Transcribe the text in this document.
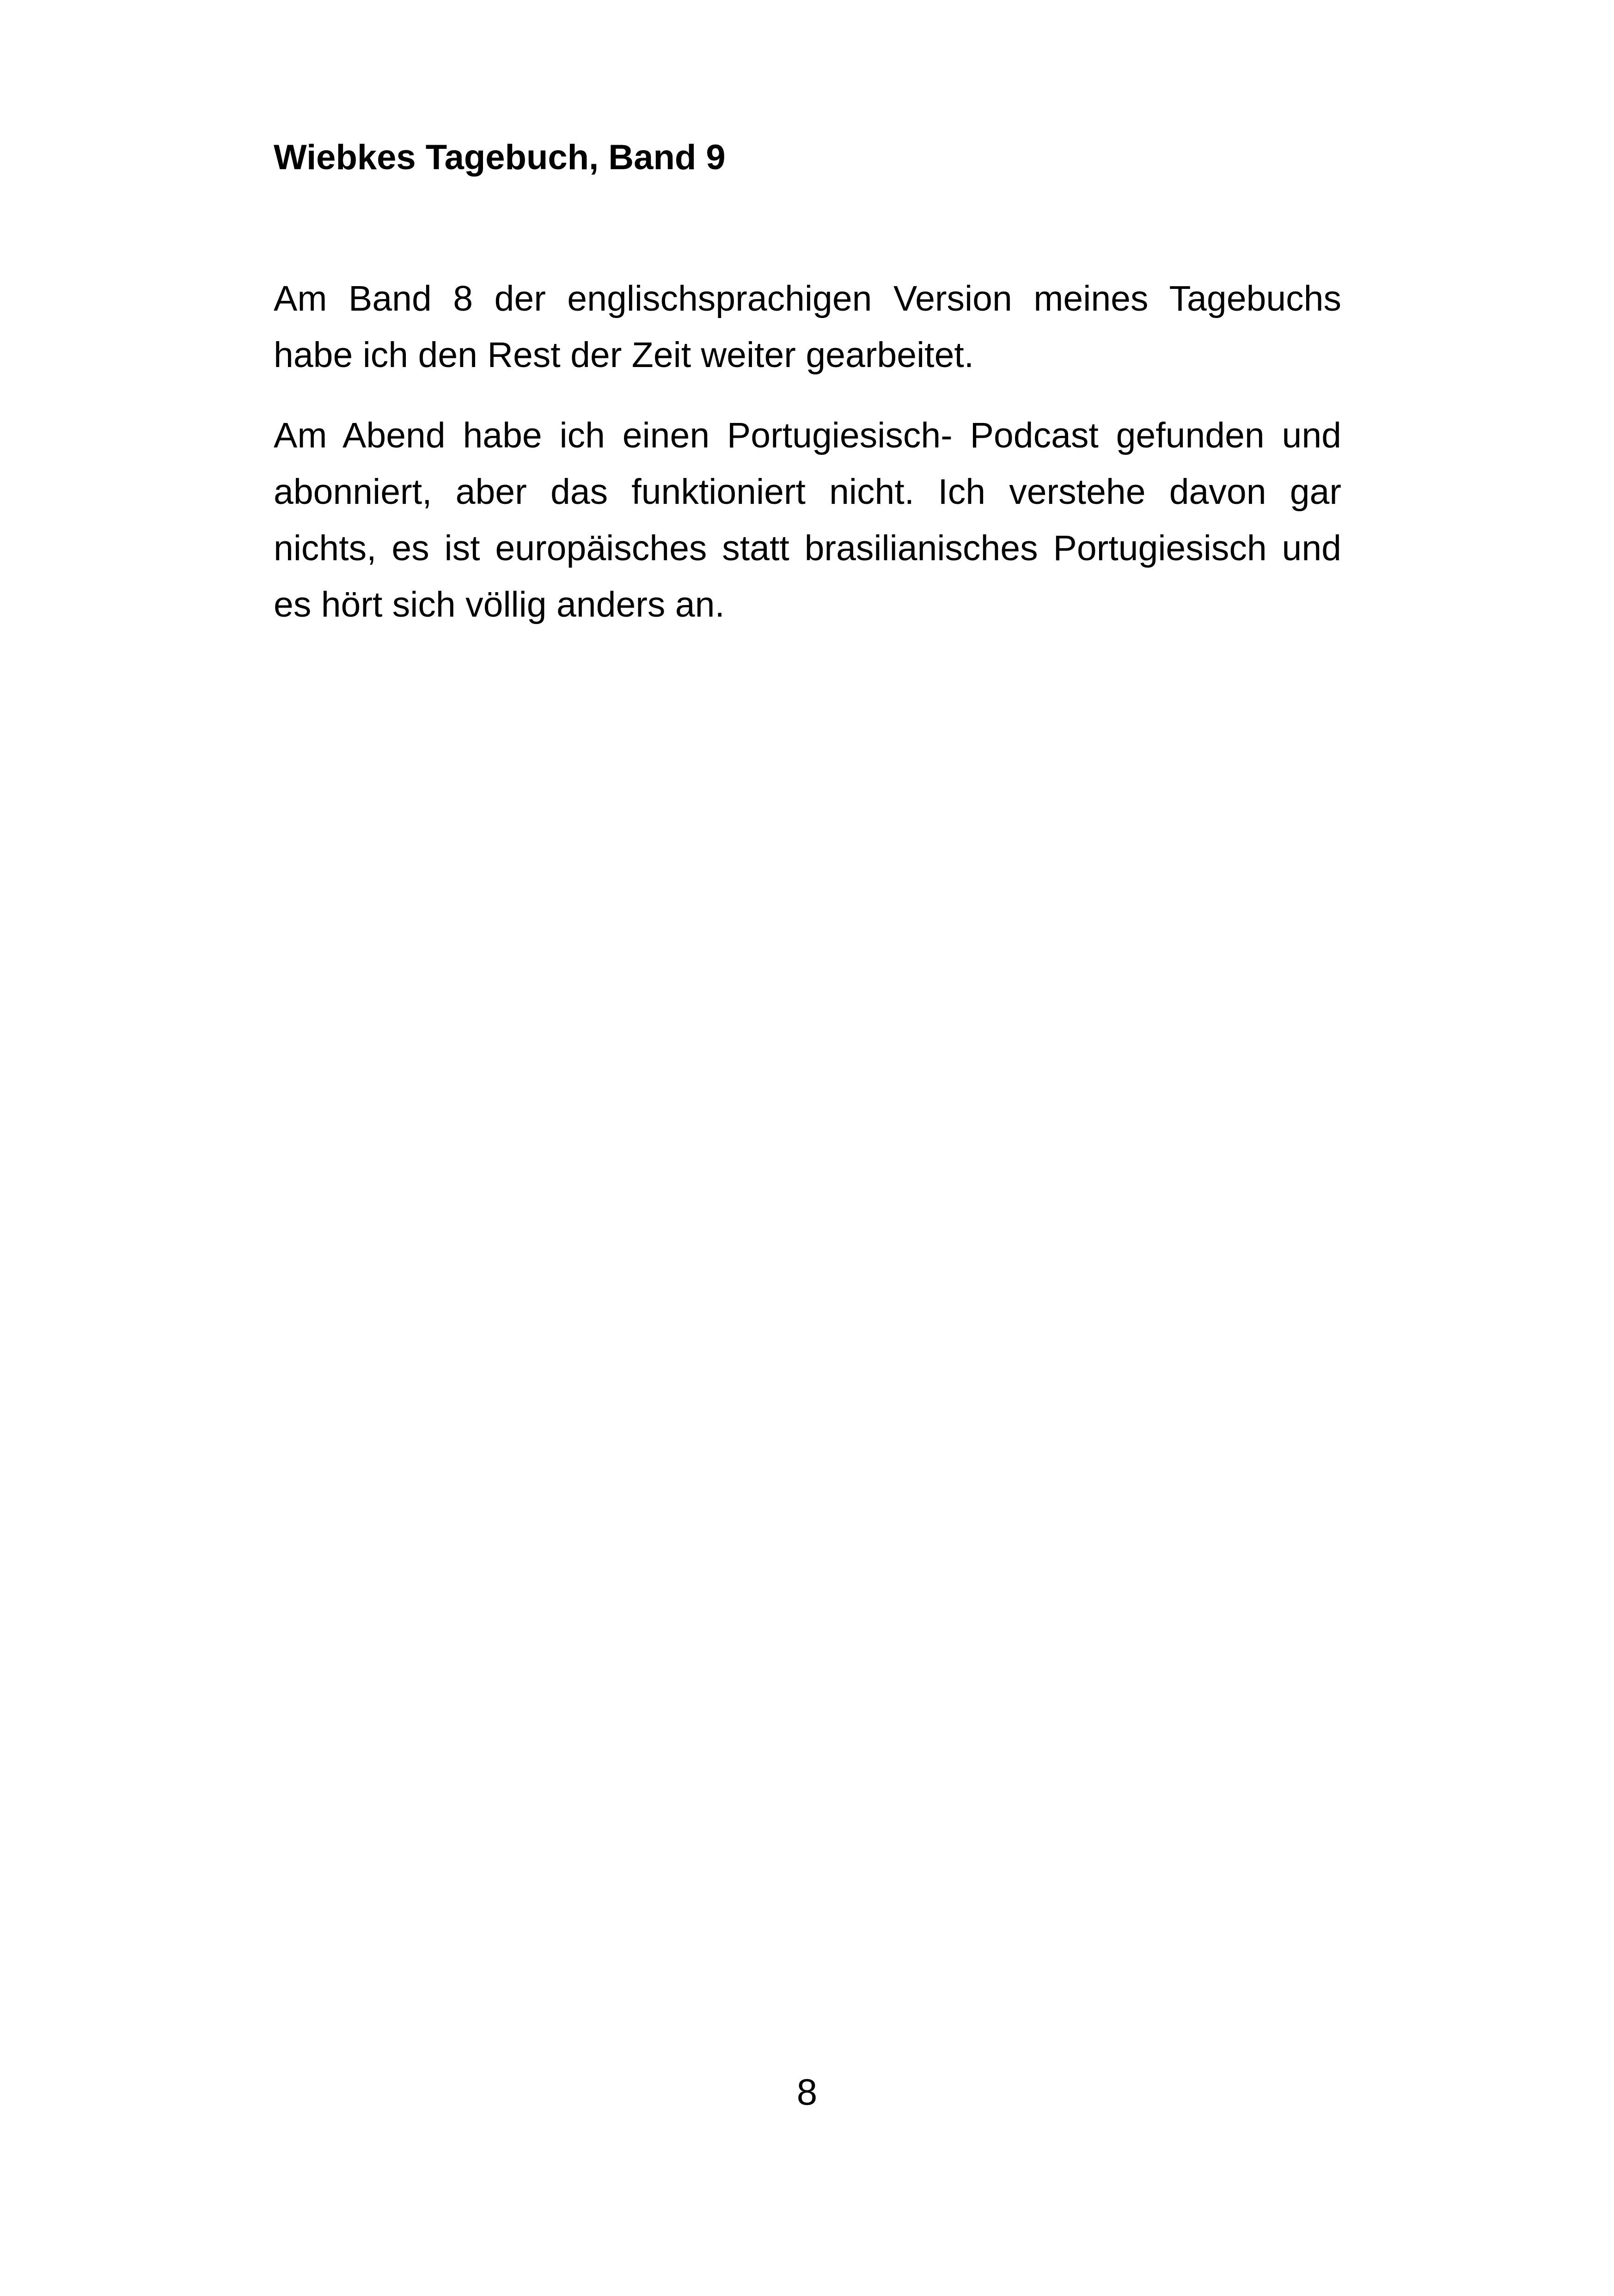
Wiebkes Tagebuch, Band 9

Am Band 8 der englischsprachigen Version meines Tagebuchs habe ich den Rest der Zeit weiter gearbeitet.

Am Abend habe ich einen Portugiesisch- Podcast gefunden und abonniert, aber das funktioniert nicht. Ich verstehe davon gar nichts, es ist europäisches statt brasilianisches Portugiesisch und es hört sich völlig anders an.

8
